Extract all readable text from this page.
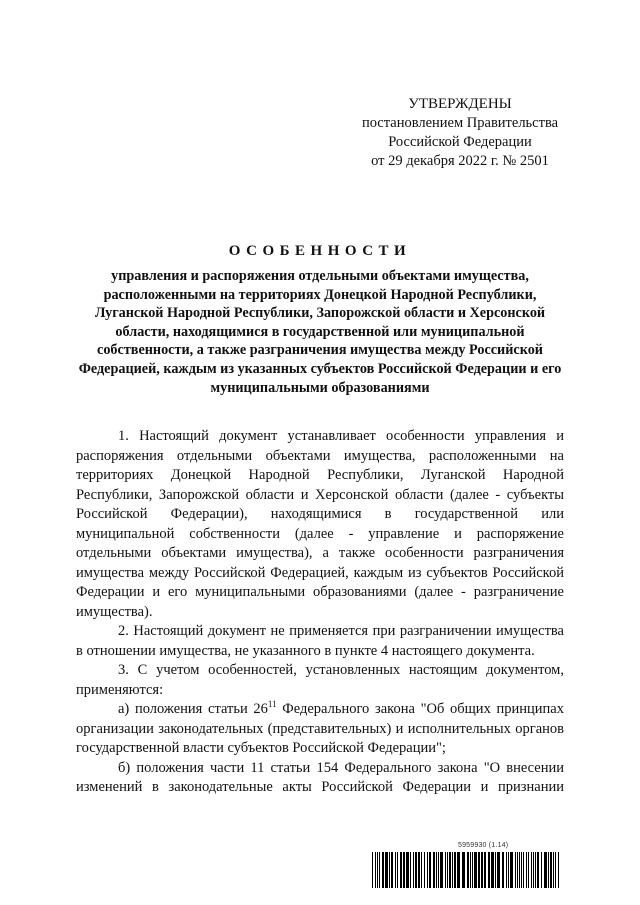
УТВЕРЖДЕНЫ
постановлением Правительства
Российской Федерации
от 29 декабря 2022 г. № 2501
ОСОБЕННОСТИ
управления и распоряжения отдельными объектами имущества, расположенными на территориях Донецкой Народной Республики, Луганской Народной Республики, Запорожской области и Херсонской области, находящимися в государственной или муниципальной собственности, а также разграничения имущества между Российской Федерацией, каждым из указанных субъектов Российской Федерации и его муниципальными образованиями

1. Настоящий документ устанавливает особенности управления и распоряжения отдельными объектами имущества, расположенными на территориях Донецкой Народной Республики, Луганской Народной Республики, Запорожской области и Херсонской области (далее - субъекты Российской Федерации), находящимися в государственной или муниципальной собственности (далее - управление и распоряжение отдельными объектами имущества), а также особенности разграничения имущества между Российской Федерацией, каждым из субъектов Российской Федерации и его муниципальными образованиями (далее - разграничение имущества).

2. Настоящий документ не применяется при разграничении имущества в отношении имущества, не указанного в пункте 4 настоящего документа.

3. С учетом особенностей, установленных настоящим документом, применяются:

а) положения статьи $26^{11}$ Федерального закона "Об общих принципах организации законодательных (представительных) и исполнительных органов государственной власти субъектов Российской Федерации";

б) положения части 11 статьи 154 Федерального закона "О внесении изменений в законодательные акты Российской Федерации и признании

5959930 (1.14)
